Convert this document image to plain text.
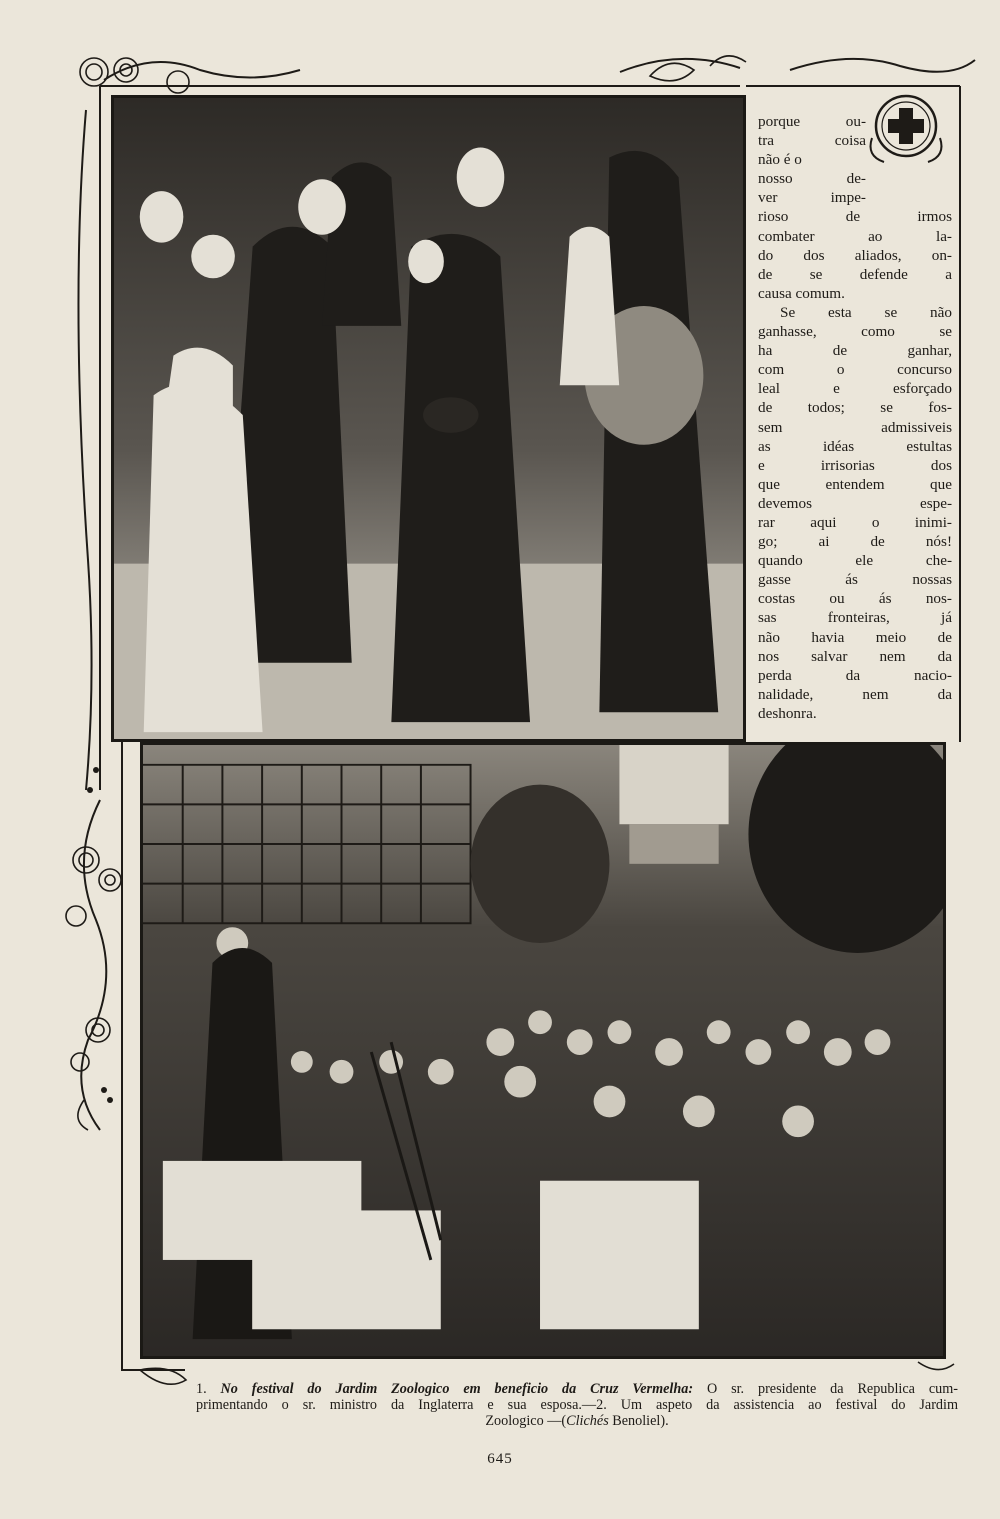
porque ou-
tra coisa
não é o
nosso de-
ver impe-
rioso de irmos
combater ao la-
do dos aliados, on-
de se defende a
causa comum.
Se esta se não
ganhasse, como se
ha de ganhar,
com o concurso
leal e esforçado
de todos; se fos-
sem admissiveis
as idéas estultas
e irrisorias dos
que entendem que
devemos espe-
rar aqui o inimi-
go; ai de nós!
quando ele che-
gasse ás nossas
costas ou ás nos-
sas fronteiras, já
não havia meio de
nos salvar nem da
perda da nacio-
nalidade, nem da
deshonra.
1. No festival do Jardim Zoologico em beneficio da Cruz Vermelha: O sr. presidente da Republica cum-
primentando o sr. ministro da Inglaterra e sua esposa.—2. Um aspeto da assistencia ao festival do Jardim
Zoologico —(Clichés Benoliel).
645
